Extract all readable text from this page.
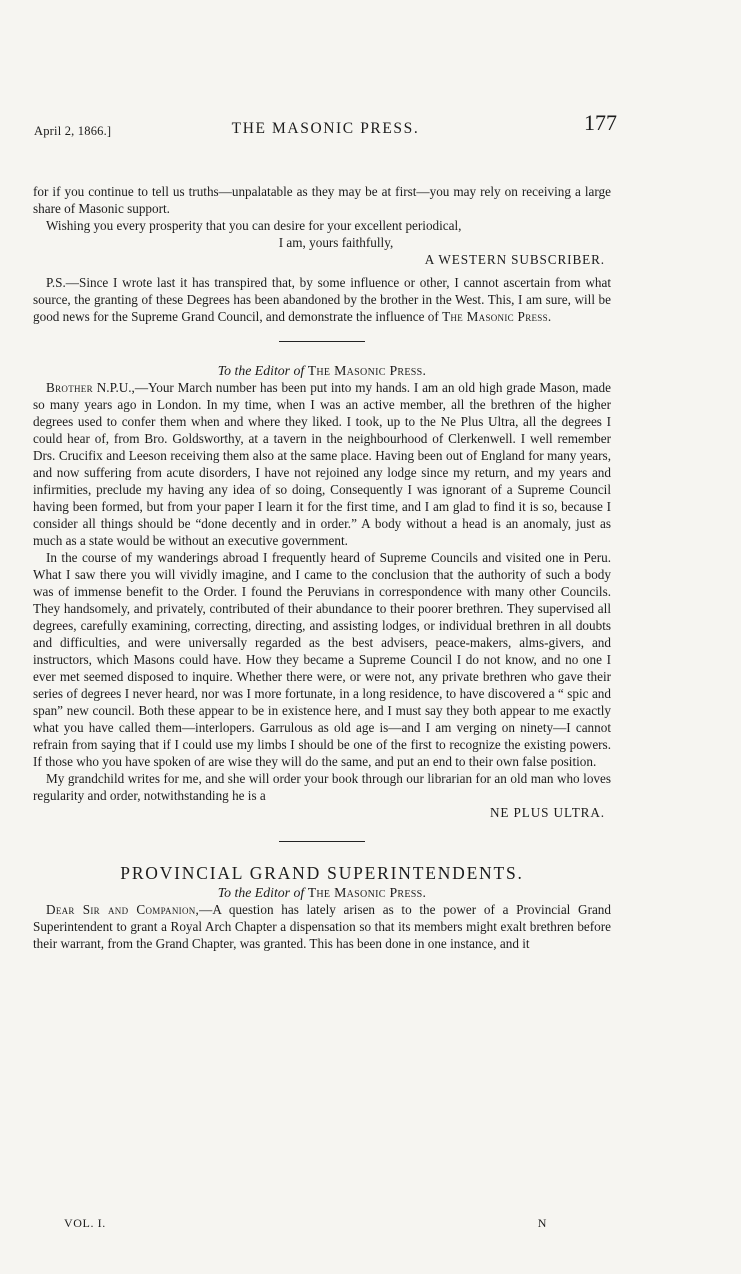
April 2, 1866.]	THE MASONIC PRESS.	177

for if you continue to tell us truths—unpalatable as they may be at first—you may rely on receiving a large share of Masonic support.

Wishing you every prosperity that you can desire for your excellent periodical,

I am, yours faithfully,

A WESTERN SUBSCRIBER.

P.S.—Since I wrote last it has transpired that, by some influence or other, I cannot ascertain from what source, the granting of these Degrees has been abandoned by the brother in the West. This, I am sure, will be good news for the Supreme Grand Council, and demonstrate the influence of The Masonic Press.

To the Editor of The Masonic Press.

Brother N.P.U.,—Your March number has been put into my hands. I am an old high grade Mason, made so many years ago in London. In my time, when I was an active member, all the brethren of the higher degrees used to confer them when and where they liked. I took, up to the Ne Plus Ultra, all the degrees I could hear of, from Bro. Goldsworthy, at a tavern in the neighbourhood of Clerkenwell. I well remember Drs. Crucifix and Leeson receiving them also at the same place. Having been out of England for many years, and now suffering from acute disorders, I have not rejoined any lodge since my return, and my years and infirmities, preclude my having any idea of so doing, Consequently I was ignorant of a Supreme Council having been formed, but from your paper I learn it for the first time, and I am glad to find it is so, because I consider all things should be “done decently and in order.” A body without a head is an anomaly, just as much as a state would be without an executive government.

In the course of my wanderings abroad I frequently heard of Supreme Councils and visited one in Peru. What I saw there you will vividly imagine, and I came to the conclusion that the authority of such a body was of immense benefit to the Order. I found the Peruvians in correspondence with many other Councils. They handsomely, and privately, contributed of their abundance to their poorer brethren. They supervised all degrees, carefully examining, correcting, directing, and assisting lodges, or individual brethren in all doubts and difficulties, and were universally regarded as the best advisers, peace-makers, alms-givers, and instructors, which Masons could have. How they became a Supreme Council I do not know, and no one I ever met seemed disposed to inquire. Whether there were, or were not, any private brethren who gave their series of degrees I never heard, nor was I more fortunate, in a long residence, to have discovered a “ spic and span” new council. Both these appear to be in existence here, and I must say they both appear to me exactly what you have called them—interlopers. Garrulous as old age is—and I am verging on ninety—I cannot refrain from saying that if I could use my limbs I should be one of the first to recognize the existing powers. If those who you have spoken of are wise they will do the same, and put an end to their own false position.

My grandchild writes for me, and she will order your book through our librarian for an old man who loves regularity and order, notwithstanding he is a

NE PLUS ULTRA.

PROVINCIAL GRAND SUPERINTENDENTS.

To the Editor of The Masonic Press.

Dear Sir and Companion,—A question has lately arisen as to the power of a Provincial Grand Superintendent to grant a Royal Arch Chapter a dispensation so that its members might exalt brethren before their warrant, from the Grand Chapter, was granted. This has been done in one instance, and it

VOL. I.	N
